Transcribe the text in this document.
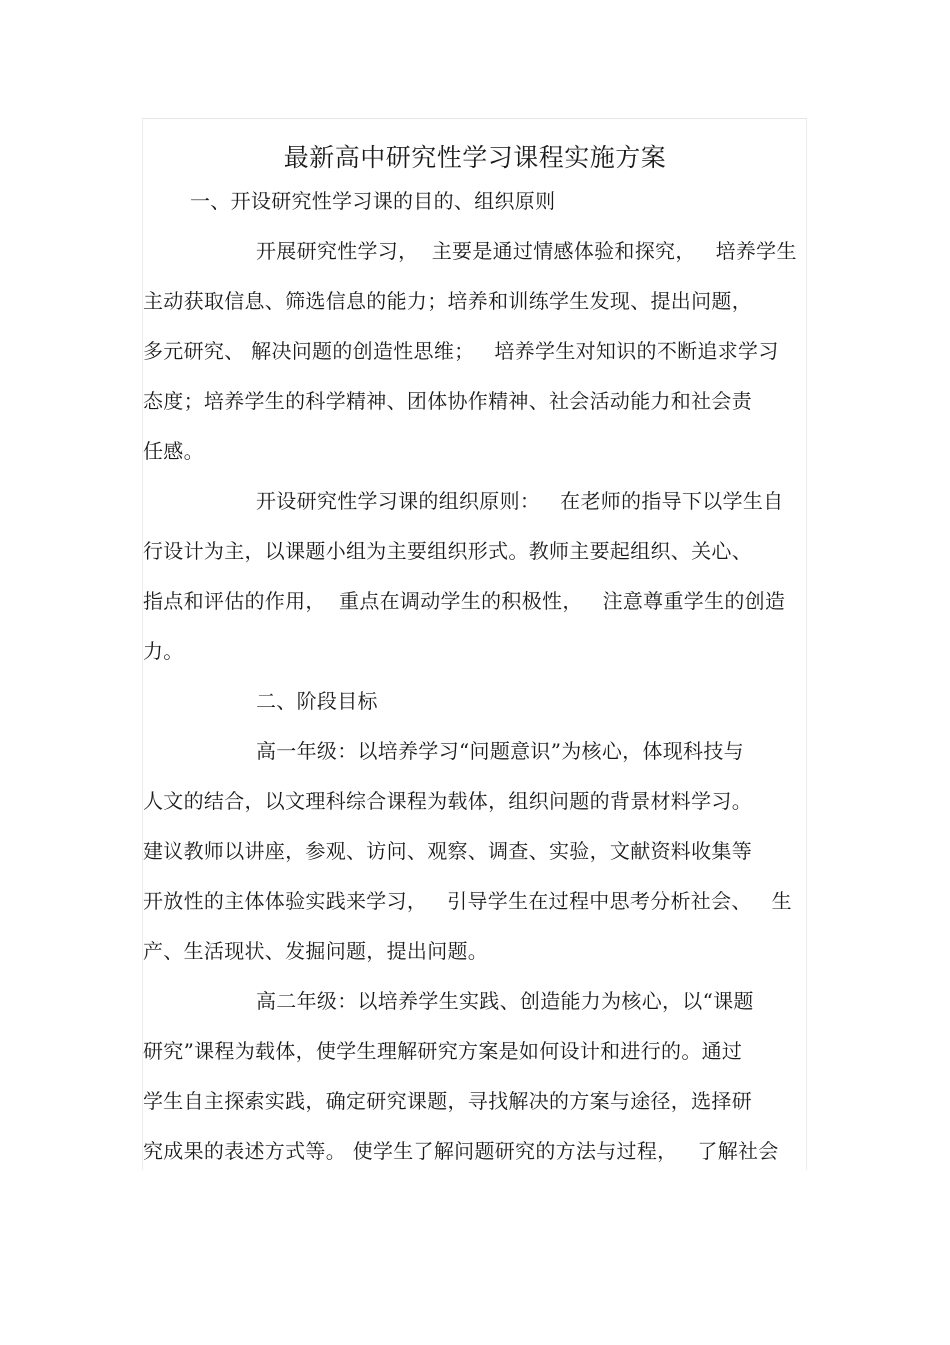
最新高中研究性学习课程实施方案
一、开设研究性学习课的目的、组织原则
开展研究性学习，  主要是通过情感体验和探究，   培养学生
主动获取信息、筛选信息的能力；培养和训练学生发现、提出问题，
多元研究、 解决问题的创造性思维；   培养学生对知识的不断追求学习
态度；培养学生的科学精神、团体协作精神、社会活动能力和社会责
任感。
开设研究性学习课的组织原则：   在老师的指导下以学生自
行设计为主，以课题小组为主要组织形式。教师主要起组织、关心、
指点和评估的作用，  重点在调动学生的积极性，   注意尊重学生的创造
力。
二、阶段目标
高一年级：以培养学习“问题意识”为核心，体现科技与
人文的结合，以文理科综合课程为载体，组织问题的背景材料学习。
建议教师以讲座，参观、访问、观察、调查、实验，文献资料收集等
开放性的主体体验实践来学习，   引导学生在过程中思考分析社会、   生
产、生活现状、发掘问题，提出问题。
高二年级：以培养学生实践、创造能力为核心，以“课题
研究”课程为载体，使学生理解研究方案是如何设计和进行的。通过
学生自主探索实践，确定研究课题，寻找解决的方案与途径，选择研
究成果的表述方式等。 使学生了解问题研究的方法与过程，   了解社会
